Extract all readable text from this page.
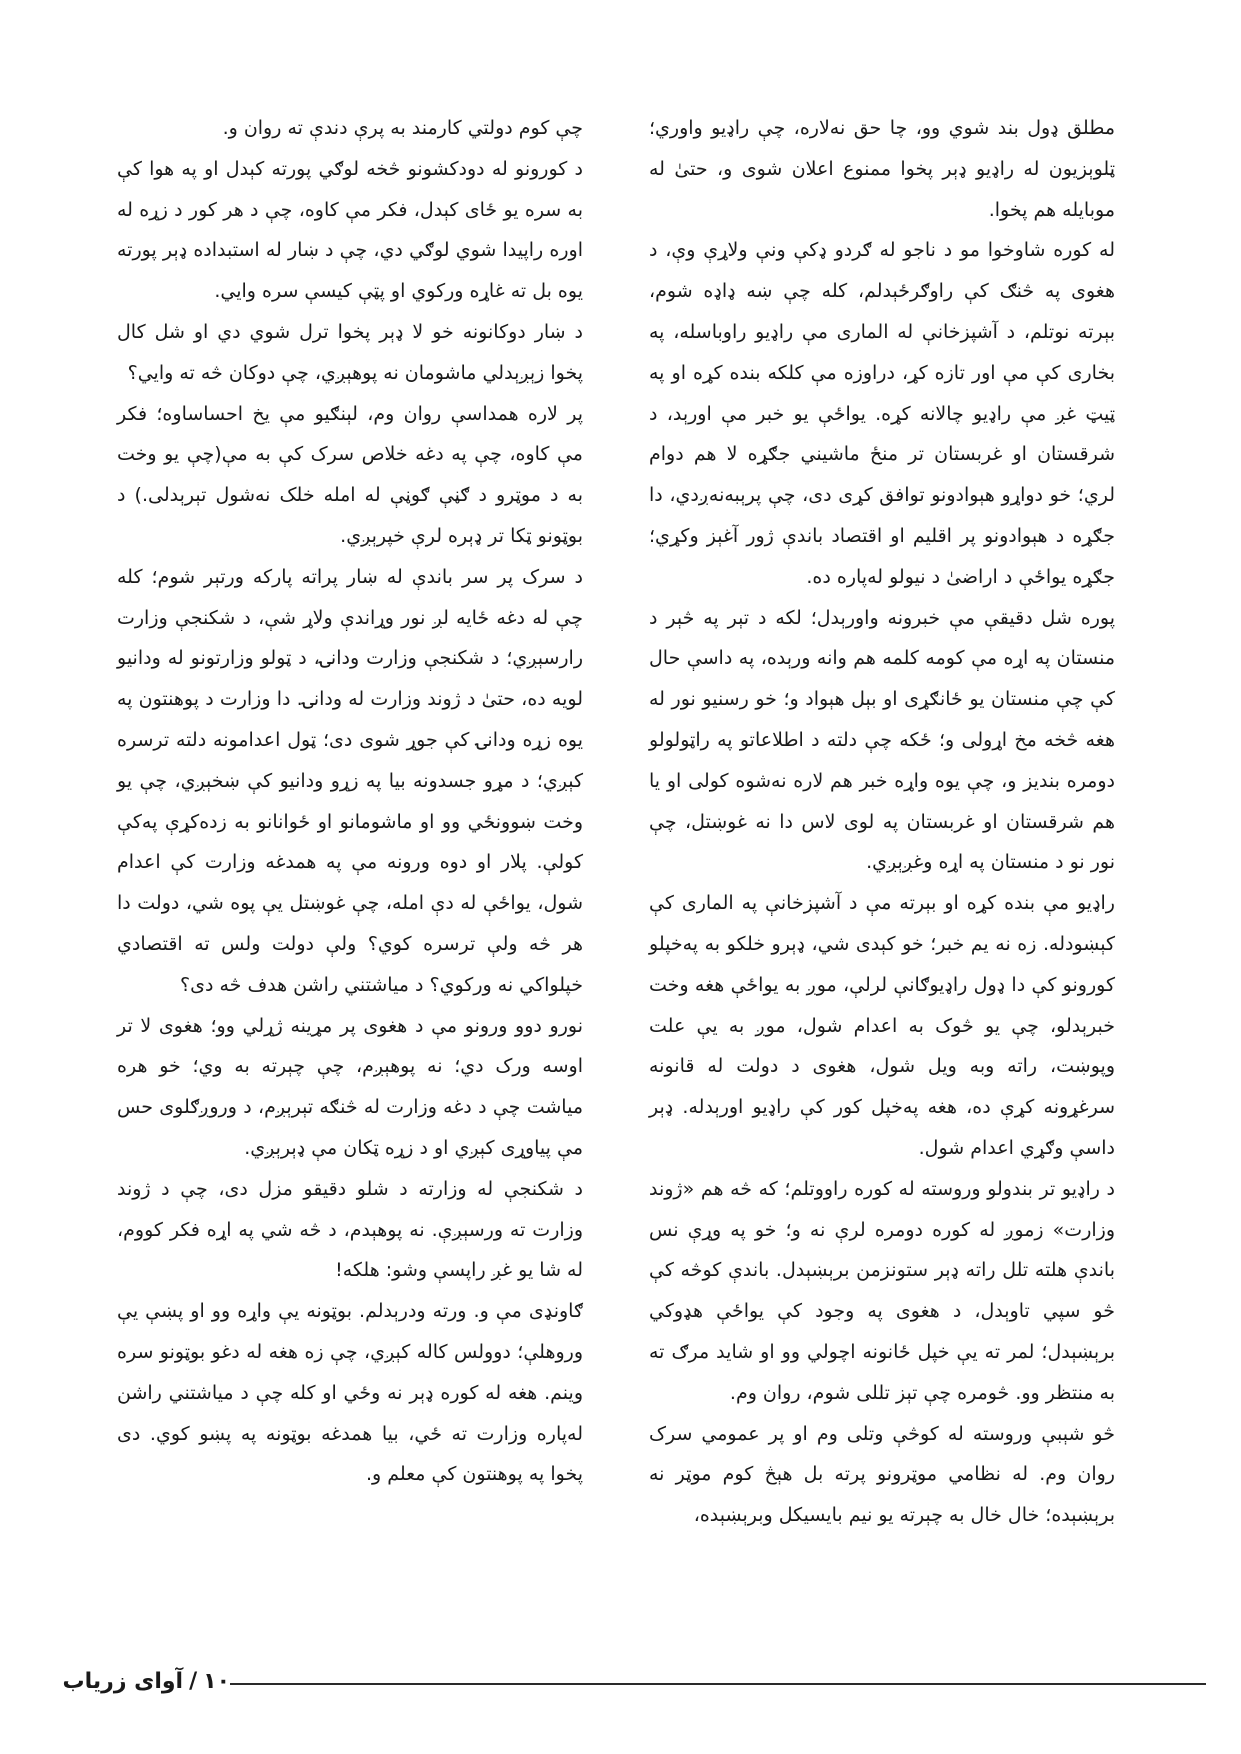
مطلق ډول بند شوي وو، چا حق نه‌لاره، چې راډیو واوري؛ ټلوېزیون له راډیو ډېر پخوا ممنوع اعلان شوی و، حتیٰ له موبایله هم پخوا.

له کوره شاوخوا مو د ناجو له ګردو ډکې ونې ولاړې وې، د هغوی په څنګ کې راوګرځېدلم، کله چې ښه ډاډه شوم، بېرته نوتلم، د آشپزخانې له الماری مې راډیو راوباسله، په بخاری کې مې اور تازه کړ، دراوزه مې کلکه بنده کړه او په ټیټ غږ مې راډیو چالانه کړه. یواځې یو خبر مې اورېد، د شرقستان او غربستان تر منځ ماشیني جګړه لا هم دوام لري؛ خو دواړو هېوادونو توافق کړی دی، چې پرېبه‌نه‌ږدي، دا جګړه د هېوادونو پر اقلیم او اقتصاد باندې ژور آغېز وکړي؛ جګړه یواځې د اراضیٰ د نیولو له‌پاره ده.

پوره شل دقیقې مې خبرونه واورېدل؛ لکه د تېر په څېر د منستان په اړه مې کومه کلمه هم وانه ورېده، په داسې حال کې چې منستان یو ځانګړی او بېل هېواد و؛ خو رسنیو نور له هغه څخه مخ اړولی و؛ ځکه چې دلته د اطلاعاتو په راټولولو دومره بندیز و، چې یوه واړه خبر هم لاره نه‌شوه کولی او یا هم شرقستان او غربستان په لوی لاس دا نه غوښتل، چې نور نو د منستان په اړه وغږېږي.

راډیو مې بنده کړه او بېرته مې د آشپزخانې په الماری کې کېښودله. زه نه یم خبر؛ خو کېدی شي، ډېرو خلکو به په‌خپلو کورونو کې دا ډول راډیوګانې لرلې، موږ به یواځې هغه وخت خبرېدلو، چې یو څوک به اعدام شول، موږ به یې علت وپوښت، راته وبه ویل شول، هغوی د دولت له قانونه سرغړونه کړې ده، هغه په‌خپل کور کې راډیو اورېدله. ډېر داسې وګړي اعدام شول.

د راډیو تر بندولو وروسته له کوره راووتلم؛ که څه هم «ژوند وزارت» زموږ له کوره دومره لرې نه و؛ خو په وړې نس باندې هلته تلل راته ډېر ستونزمن برېښېدل. باندې کوڅه کې څو سپي تاوېدل، د هغوی په وجود کې یواځې هډوکي برېښېدل؛ لمر ته یې خپل ځانونه اچولي وو او شاید مرګ ته به منتظر وو. څومره چې تېز تللی شوم، روان وم.

څو شېبې وروسته له کوڅې وتلی وم او پر عمومي سرک روان وم. له نظامي موټرونو پرته بل هېڅ کوم موټر نه برېښېده؛ خال خال به چېرته یو نیم بایسیکل وبرېښېده،

چې کوم دولتي کارمند به پرې دندې ته روان و.

د کورونو له دودکشونو څخه لوګي پورته کېدل او په هوا کې به سره یو ځای کېدل، فکر مې کاوه، چې د هر کور د زړه له اوره راپیدا شوي لوګي دي، چې د ښار له استبداده ډېر پورته یوه بل ته غاړه ورکوي او پټې کیسې سره وایي.

د ښار دوکانونه خو لا ډېر پخوا ترل شوي دي او شل کال پخوا زېږېدلي ماشومان نه پوهېږي، چې دوکان څه ته وایي؟

پر لاره همداسې روان وم، لېنګیو مې یخ احساساوه؛ فکر مې کاوه، چې په دغه خلاص سرک کې به مې(چې یو وخت به د موټرو د ګڼې ګوڼې له امله خلک نه‌شول تېرېدلی.) د بوټونو ټکا تر ډېره لرې خپرېږي.

د سرک پر سر باندې له ښار پراته پارکه ورتېر شوم؛ کله چې له دغه ځایه لږ نور وړاندې ولاړ شې، د شکنجې وزارت رارسېږي؛ د شکنجې وزارت ودانۍ، د ټولو وزارتونو له ودانیو لویه ده، حتیٰ د ژوند وزارت له ودانۍ. دا وزارت د پوهنتون په یوه زړه ودانۍ کې جوړ شوی دی؛ ټول اعدامونه دلته ترسره کېږي؛ د مړو جسدونه بیا په زړو ودانیو کې ښخېږي، چې یو وخت ښوونځي وو او ماشومانو او ځوانانو به زده‌کړې په‌کې کولې. پلار او دوه ورونه مې په همدغه وزارت کې اعدام شول، یواځې له دې امله، چې غوښتل یې پوه شي، دولت دا هر څه ولې ترسره کوي؟ ولې دولت ولس ته اقتصادي خپلواکي نه ورکوي؟ د میاشتني راشن هدف څه دی؟

نورو دوو ورونو مې د هغوی پر مړینه ژړلي وو؛ هغوی لا تر اوسه ورک دي؛ نه پوهېږم، چې چېرته به وي؛ خو هره میاشت چې د دغه وزارت له څنګه تېرېږم، د وروږګلوی حس مې پیاوړی کېږي او د زړه ټکان مې ډېرېږي.

د شکنجې له وزارته د شلو دقیقو مزل دی، چې د ژوند وزارت ته ورسېږې. نه پوهېدم، د څه شي په اړه فکر کووم، له شا یو غږ راپسې وشو: هلکه!

ګاونډی مې و. ورته ودرېدلم. بوټونه یې واړه وو او پښې یې ورو‌هلې؛ دوولس کاله کېږي، چې زه هغه له دغو بوټونو سره وینم. هغه له کوره ډېر نه وځي او کله چې د میاشتني راشن له‌پاره وزارت ته ځي، بیا همدغه بوټونه په پښو کوي. دی پخوا په پوهنتون کې معلم و.

۱۰/آوای زریاب
